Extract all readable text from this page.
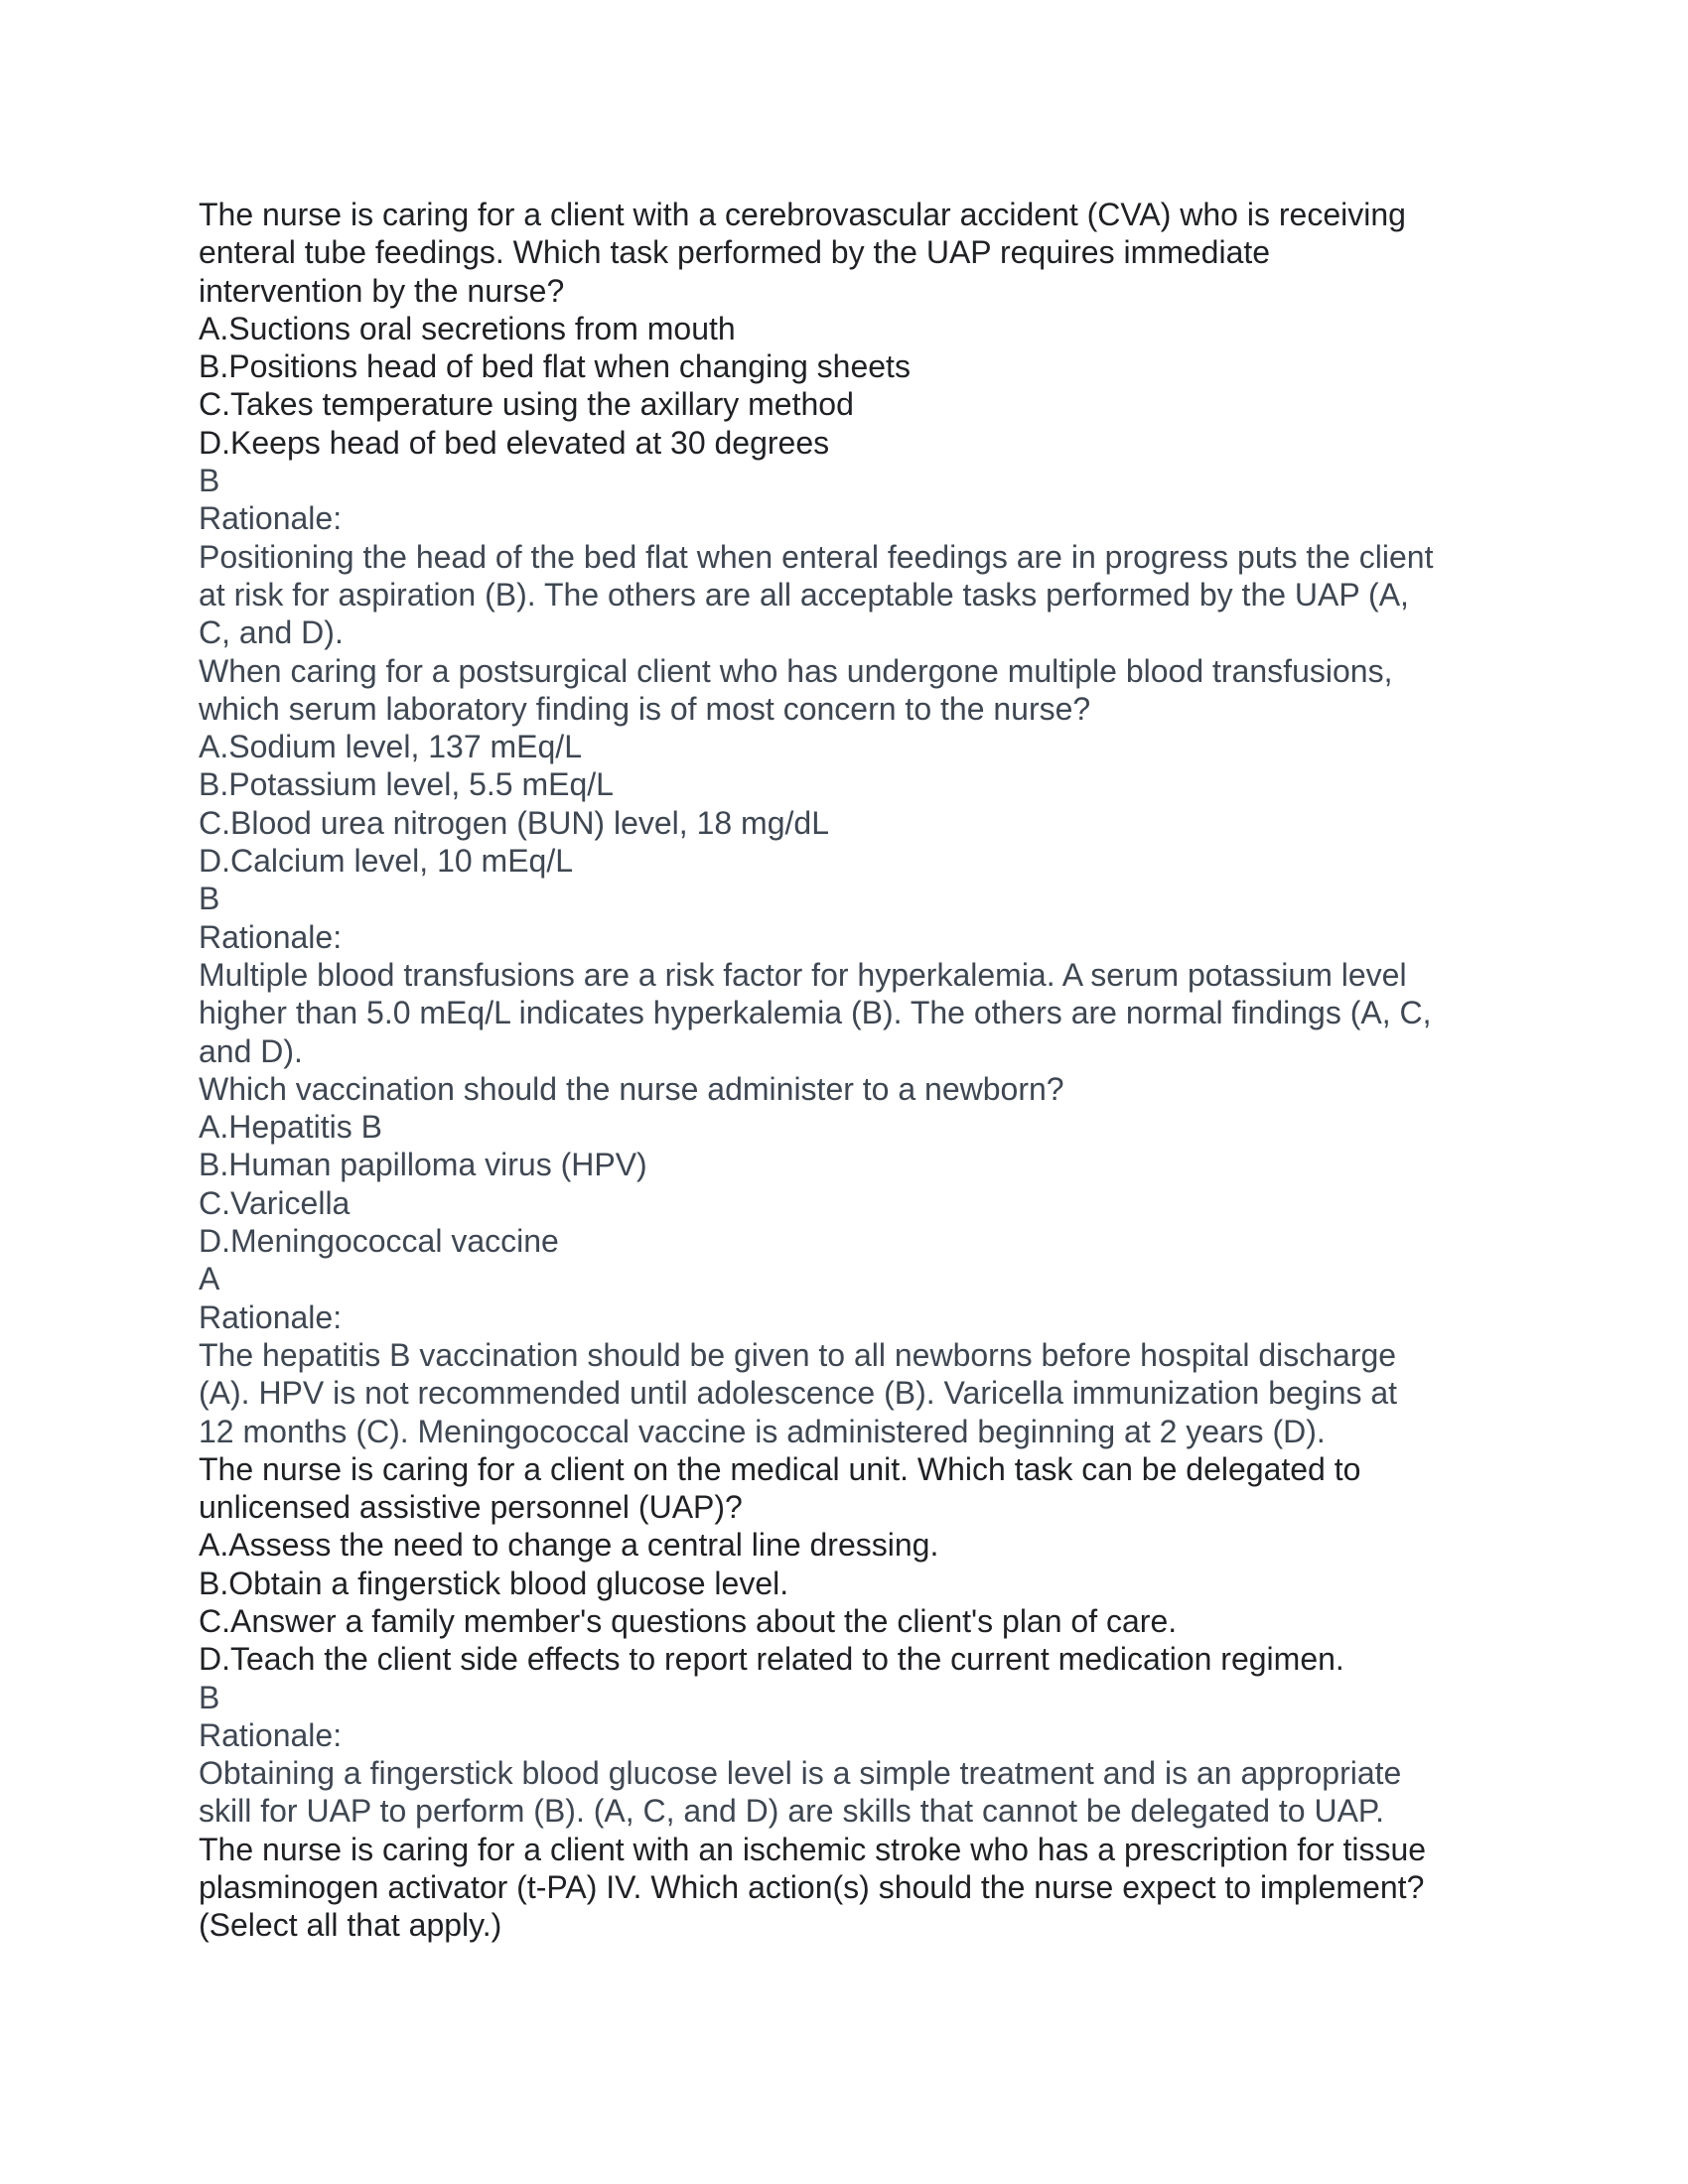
The nurse is caring for a client with a cerebrovascular accident (CVA) who is receiving
enteral tube feedings. Which task performed by the UAP requires immediate
intervention by the nurse?
A.Suctions oral secretions from mouth
B.Positions head of bed flat when changing sheets
C.Takes temperature using the axillary method
D.Keeps head of bed elevated at 30 degrees
B
Rationale:
Positioning the head of the bed flat when enteral feedings are in progress puts the client
at risk for aspiration (B). The others are all acceptable tasks performed by the UAP (A,
C, and D).
When caring for a postsurgical client who has undergone multiple blood transfusions,
which serum laboratory finding is of most concern to the nurse?
A.Sodium level, 137 mEq/L
B.Potassium level, 5.5 mEq/L
C.Blood urea nitrogen (BUN) level, 18 mg/dL
D.Calcium level, 10 mEq/L
B
Rationale:
Multiple blood transfusions are a risk factor for hyperkalemia. A serum potassium level
higher than 5.0 mEq/L indicates hyperkalemia (B). The others are normal findings (A, C,
and D).
Which vaccination should the nurse administer to a newborn?
A.Hepatitis B
B.Human papilloma virus (HPV)
C.Varicella
D.Meningococcal vaccine
A
Rationale:
The hepatitis B vaccination should be given to all newborns before hospital discharge
(A). HPV is not recommended until adolescence (B). Varicella immunization begins at
12 months (C). Meningococcal vaccine is administered beginning at 2 years (D).
The nurse is caring for a client on the medical unit. Which task can be delegated to
unlicensed assistive personnel (UAP)?
A.Assess the need to change a central line dressing.
B.Obtain a fingerstick blood glucose level.
C.Answer a family member's questions about the client's plan of care.
D.Teach the client side effects to report related to the current medication regimen.
B
Rationale:
Obtaining a fingerstick blood glucose level is a simple treatment and is an appropriate
skill for UAP to perform (B). (A, C, and D) are skills that cannot be delegated to UAP.
The nurse is caring for a client with an ischemic stroke who has a prescription for tissue
plasminogen activator (t-PA) IV. Which action(s) should the nurse expect to implement?
(Select all that apply.)
